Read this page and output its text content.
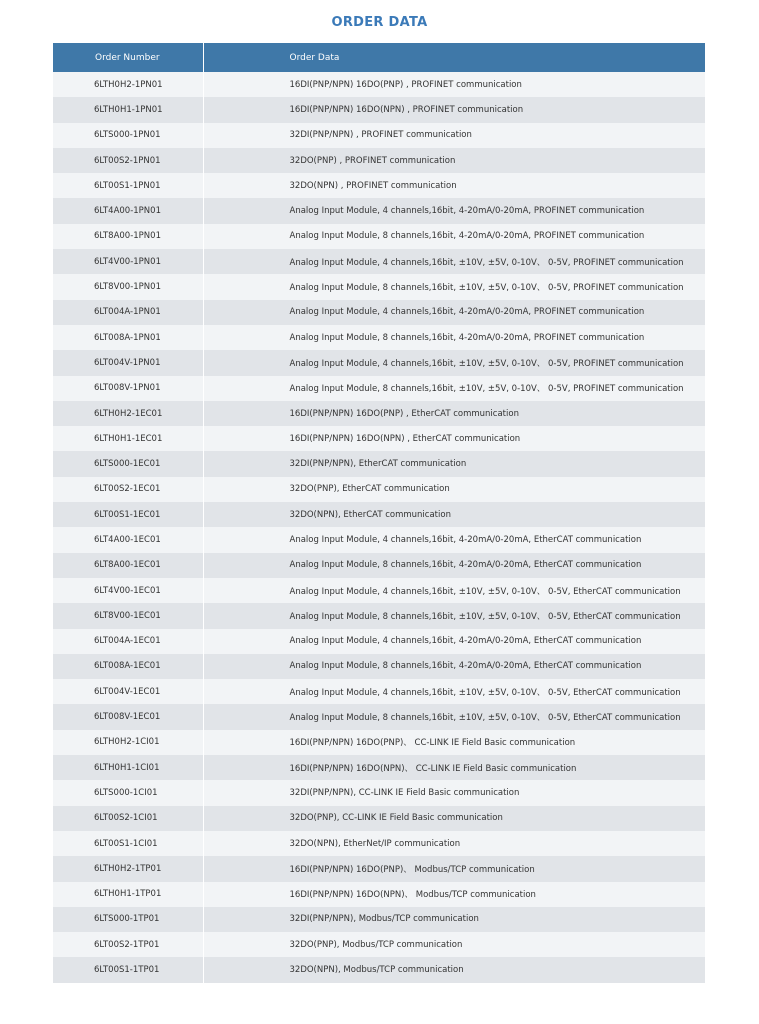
ORDER DATA
Order Number	Order Data
6LTH0H2-1PN01	16DI(PNP/NPN) 16DO(PNP) , PROFINET communication
6LTH0H1-1PN01	16DI(PNP/NPN) 16DO(NPN) , PROFINET communication
6LTS000-1PN01	32DI(PNP/NPN) , PROFINET communication
6LT00S2-1PN01	32DO(PNP) , PROFINET communication
6LT00S1-1PN01	32DO(NPN) , PROFINET communication
6LT4A00-1PN01	Analog Input Module, 4 channels,16bit, 4-20mA/0-20mA, PROFINET communication
6LT8A00-1PN01	Analog Input Module, 8 channels,16bit, 4-20mA/0-20mA, PROFINET communication
6LT4V00-1PN01	Analog Input Module, 4 channels,16bit, ±10V, ±5V, 0-10V、 0-5V, PROFINET communication
6LT8V00-1PN01	Analog Input Module, 8 channels,16bit, ±10V, ±5V, 0-10V、 0-5V, PROFINET communication
6LT004A-1PN01	Analog Input Module, 4 channels,16bit, 4-20mA/0-20mA, PROFINET communication
6LT008A-1PN01	Analog Input Module, 8 channels,16bit, 4-20mA/0-20mA, PROFINET communication
6LT004V-1PN01	Analog Input Module, 4 channels,16bit, ±10V, ±5V, 0-10V、 0-5V, PROFINET communication
6LT008V-1PN01	Analog Input Module, 8 channels,16bit, ±10V, ±5V, 0-10V、 0-5V, PROFINET communication
6LTH0H2-1EC01	16DI(PNP/NPN) 16DO(PNP) , EtherCAT communication
6LTH0H1-1EC01	16DI(PNP/NPN) 16DO(NPN) , EtherCAT communication
6LTS000-1EC01	32DI(PNP/NPN), EtherCAT communication
6LT00S2-1EC01	32DO(PNP), EtherCAT communication
6LT00S1-1EC01	32DO(NPN), EtherCAT communication
6LT4A00-1EC01	Analog Input Module, 4 channels,16bit, 4-20mA/0-20mA, EtherCAT communication
6LT8A00-1EC01	Analog Input Module, 8 channels,16bit, 4-20mA/0-20mA, EtherCAT communication
6LT4V00-1EC01	Analog Input Module, 4 channels,16bit, ±10V, ±5V, 0-10V、 0-5V, EtherCAT communication
6LT8V00-1EC01	Analog Input Module, 8 channels,16bit, ±10V, ±5V, 0-10V、 0-5V, EtherCAT communication
6LT004A-1EC01	Analog Input Module, 4 channels,16bit, 4-20mA/0-20mA, EtherCAT communication
6LT008A-1EC01	Analog Input Module, 8 channels,16bit, 4-20mA/0-20mA, EtherCAT communication
6LT004V-1EC01	Analog Input Module, 4 channels,16bit, ±10V, ±5V, 0-10V、 0-5V, EtherCAT communication
6LT008V-1EC01	Analog Input Module, 8 channels,16bit, ±10V, ±5V, 0-10V、 0-5V, EtherCAT communication
6LTH0H2-1CI01	16DI(PNP/NPN) 16DO(PNP)、 CC-LINK IE Field Basic communication
6LTH0H1-1CI01	16DI(PNP/NPN) 16DO(NPN)、 CC-LINK IE Field Basic communication
6LTS000-1CI01	32DI(PNP/NPN), CC-LINK IE Field Basic communication
6LT00S2-1CI01	32DO(PNP), CC-LINK IE Field Basic communication
6LT00S1-1CI01	32DO(NPN), EtherNet/IP communication
6LTH0H2-1TP01	16DI(PNP/NPN) 16DO(PNP)、 Modbus/TCP communication
6LTH0H1-1TP01	16DI(PNP/NPN) 16DO(NPN)、 Modbus/TCP communication
6LTS000-1TP01	32DI(PNP/NPN), Modbus/TCP communication
6LT00S2-1TP01	32DO(PNP), Modbus/TCP communication
6LT00S1-1TP01	32DO(NPN), Modbus/TCP communication
